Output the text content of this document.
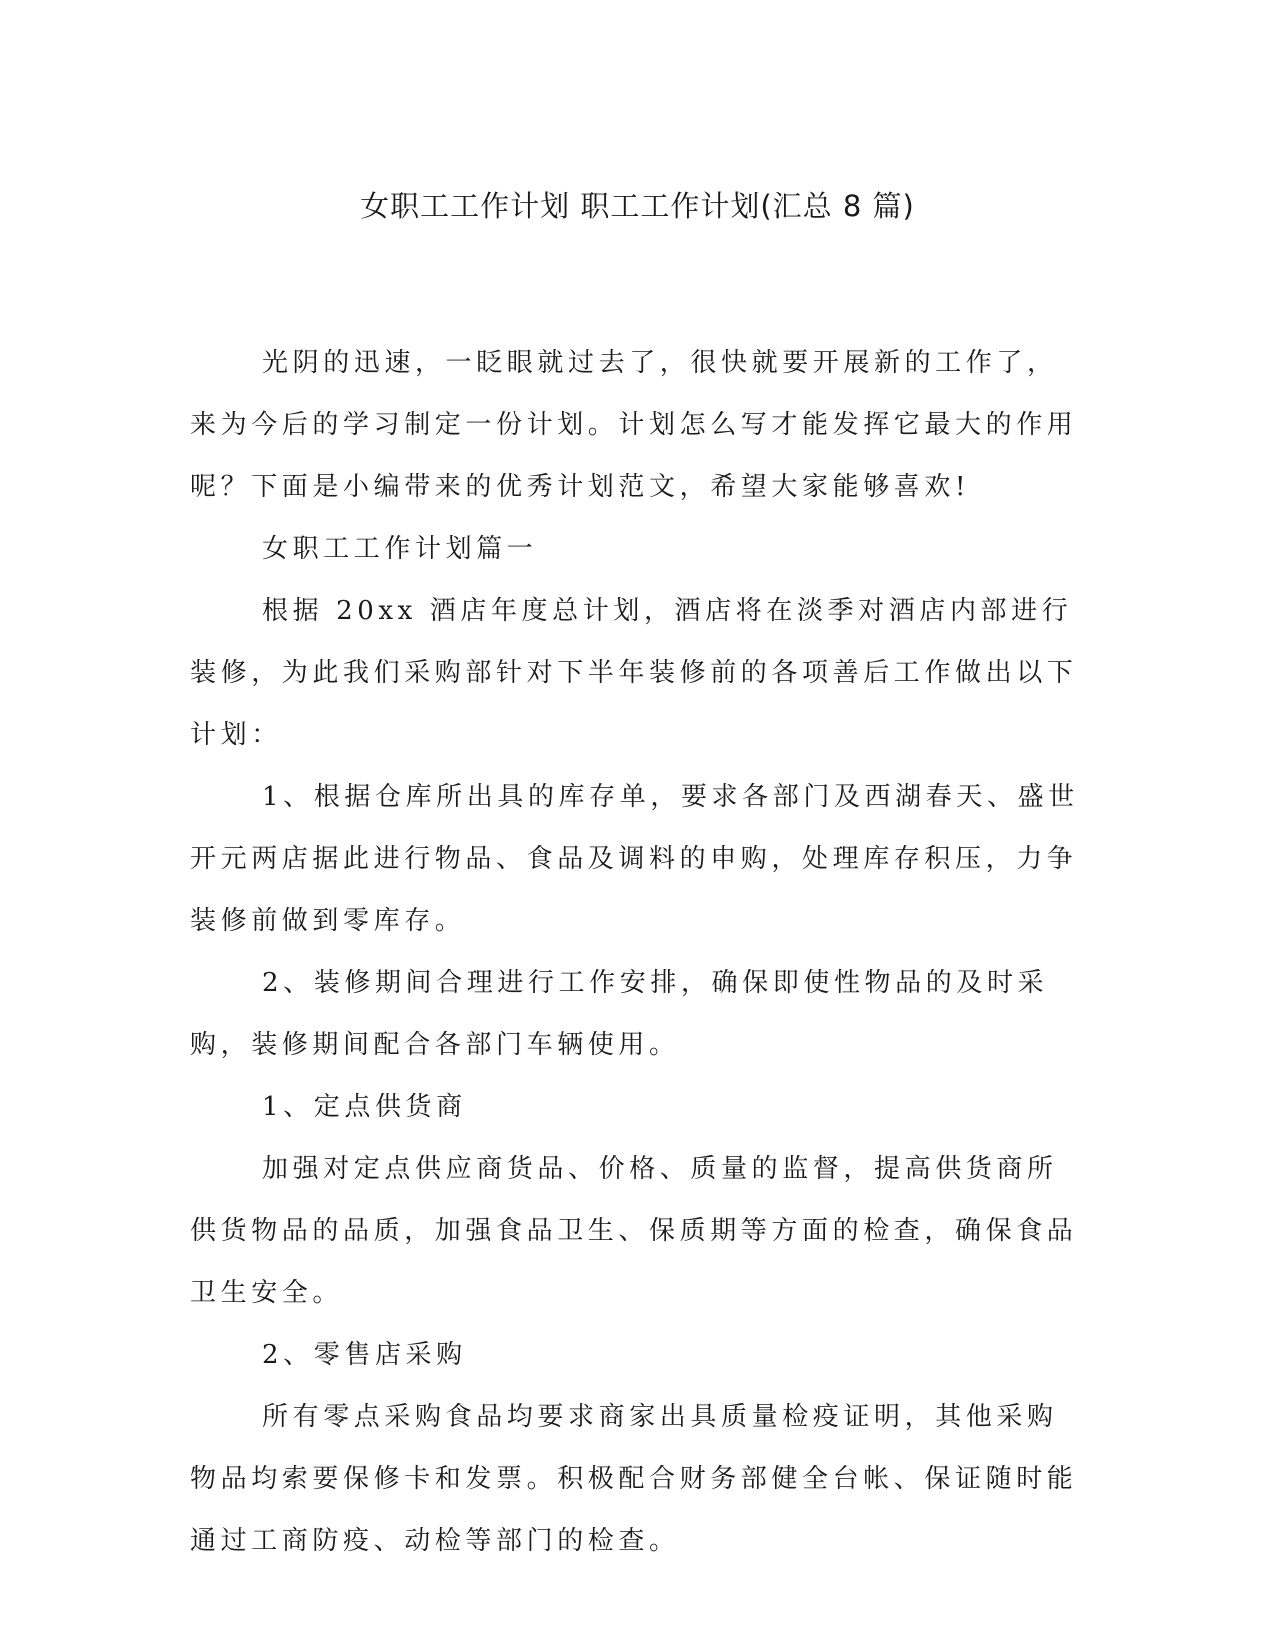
女职工工作计划 职工工作计划(汇总 8 篇)

光阴的迅速，一眨眼就过去了，很快就要开展新的工作了，来为今后的学习制定一份计划。计划怎么写才能发挥它最大的作用呢？下面是小编带来的优秀计划范文，希望大家能够喜欢!

女职工工作计划篇一

根据 20xx 酒店年度总计划，酒店将在淡季对酒店内部进行装修，为此我们采购部针对下半年装修前的各项善后工作做出以下计划：

1、根据仓库所出具的库存单，要求各部门及西湖春天、盛世开元两店据此进行物品、食品及调料的申购，处理库存积压，力争装修前做到零库存。

2、装修期间合理进行工作安排，确保即使性物品的及时采购，装修期间配合各部门车辆使用。

1、定点供货商

加强对定点供应商货品、价格、质量的监督，提高供货商所供货物品的品质，加强食品卫生、保质期等方面的检查，确保食品卫生安全。

2、零售店采购

所有零点采购食品均要求商家出具质量检疫证明，其他采购物品均索要保修卡和发票。积极配合财务部健全台帐、保证随时能通过工商防疫、动检等部门的检查。
